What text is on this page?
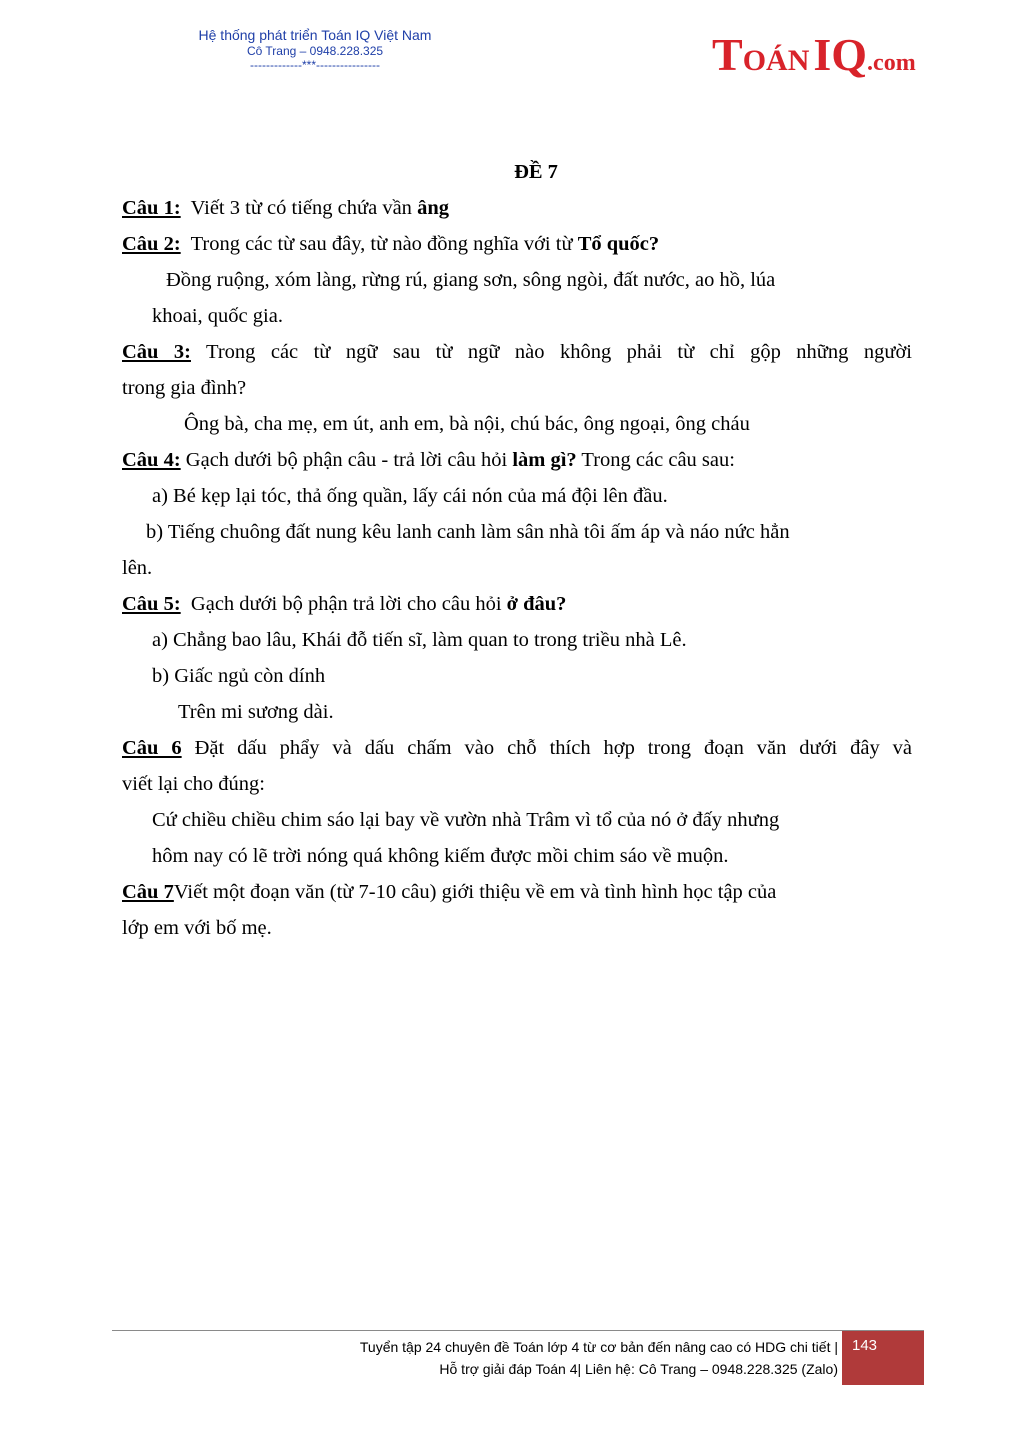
Hệ thống phát triển Toán IQ Việt Nam
Cô Trang – 0948.228.325
-------------***----------------	TOÁN IQ.com
ĐỀ 7
Câu 1: Viết 3 từ có tiếng chứa vần âng
Câu 2: Trong các từ sau đây, từ nào đồng nghĩa với từ Tổ quốc?
Đồng ruộng, xóm làng, rừng rú, giang sơn, sông ngòi, đất nước, ao hồ, lúa
khoai, quốc gia.
Câu 3: Trong các từ ngữ sau từ ngữ nào không phải từ chỉ gộp những người
trong gia đình?
Ông bà, cha mẹ, em út, anh em, bà nội, chú bác, ông ngoại, ông cháu
Câu 4: Gạch dưới bộ phận câu - trả lời câu hỏi làm gì? Trong các câu sau:
a) Bé kẹp lại tóc, thả ống quần, lấy cái nón của má đội lên đầu.
b) Tiếng chuông đất nung kêu lanh canh làm sân nhà tôi ấm áp và náo nức hẳn
lên.
Câu 5: Gạch dưới bộ phận trả lời cho câu hỏi ở đâu?
a) Chẳng bao lâu, Khái đỗ tiến sĩ, làm quan to trong triều nhà Lê.
b) Giấc ngủ còn dính
Trên mi sương dài.
Câu 6 Đặt dấu phẩy và dấu chấm vào chỗ thích hợp trong đoạn văn dưới đây và
viết lại cho đúng:
Cứ chiều chiều chim sáo lại bay về vườn nhà Trâm vì tổ của nó ở đấy nhưng
hôm nay có lẽ trời nóng quá không kiếm được mồi chim sáo về muộn.
Câu 7Viết một đoạn văn (từ 7-10 câu) giới thiệu về em và tình hình học tập của
lớp em với bố mẹ.
Tuyển tập 24 chuyên đề Toán lớp 4 từ cơ bản đến nâng cao có HDG chi tiết |
Hỗ trợ giải đáp Toán 4| Liên hệ: Cô Trang – 0948.228.325 (Zalo)
143
